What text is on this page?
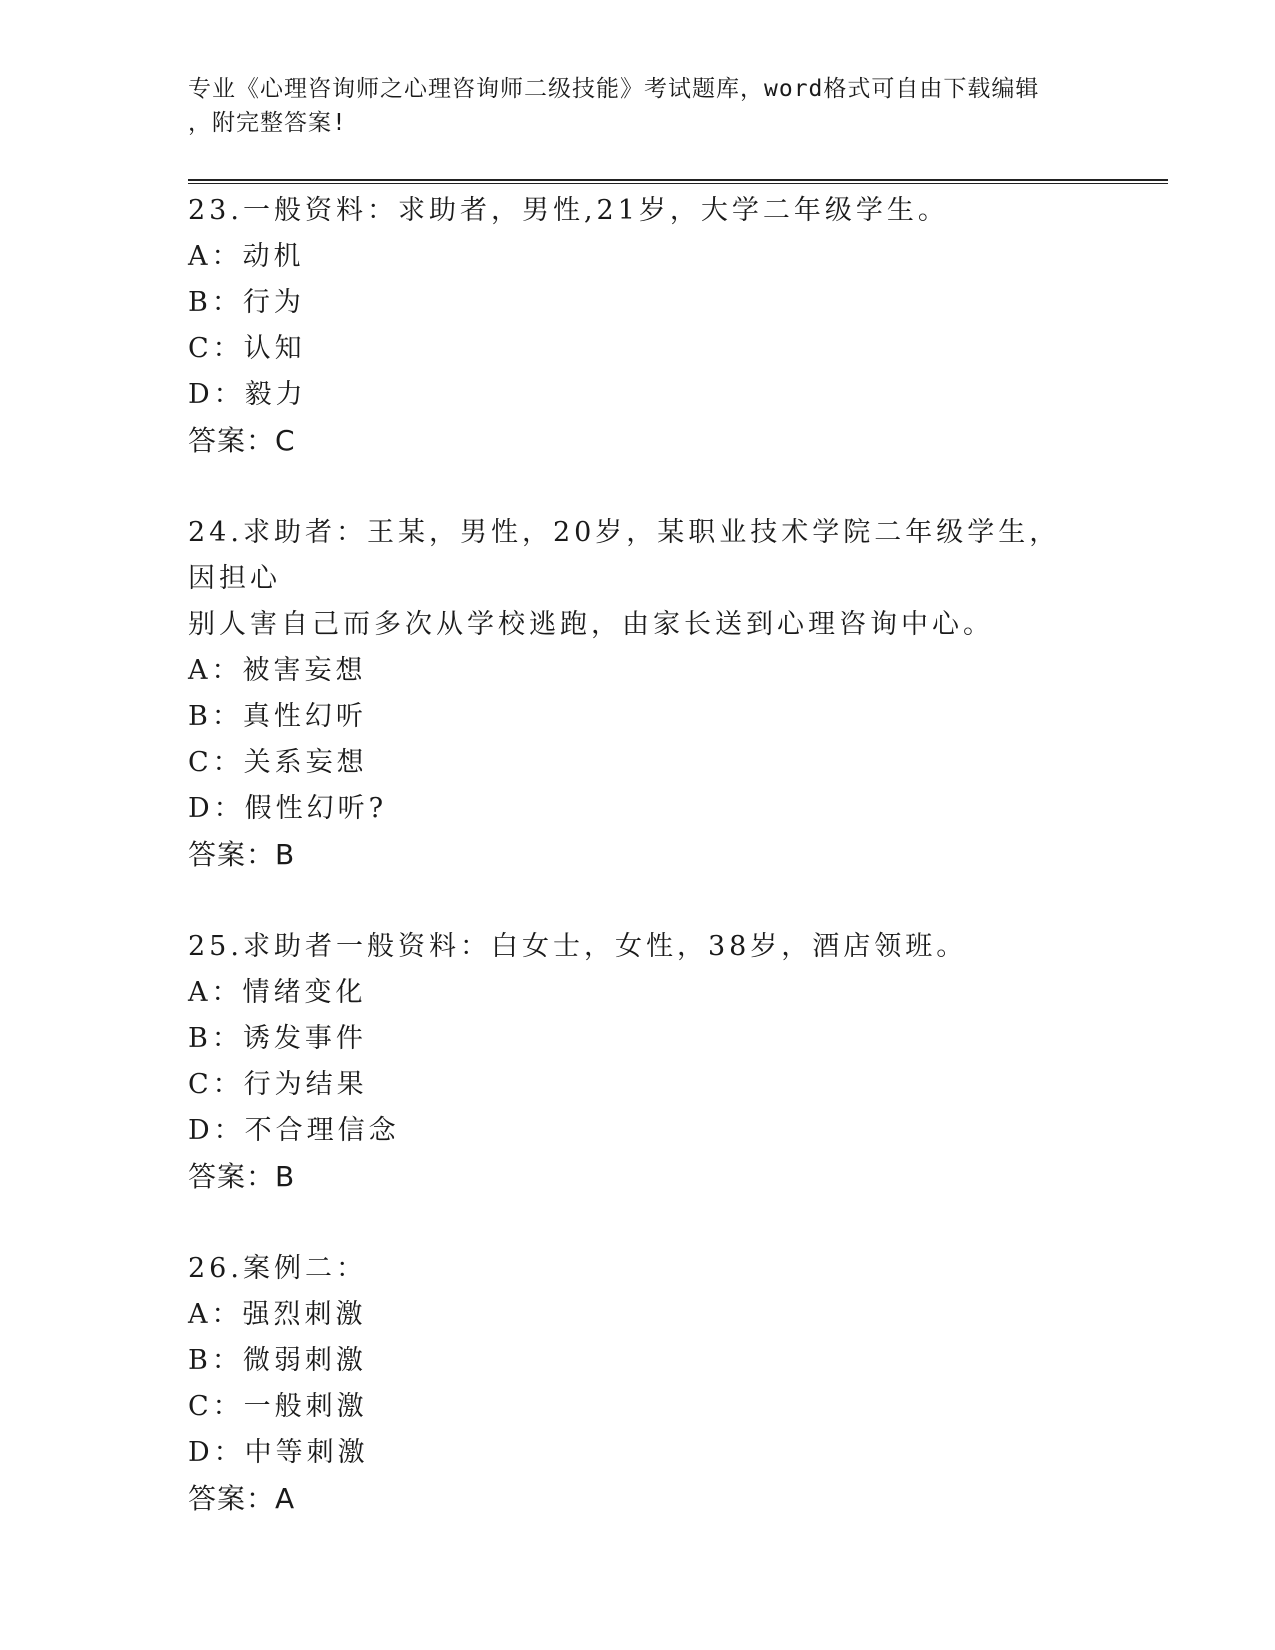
专业《心理咨询师之心理咨询师二级技能》考试题库，word格式可自由下载编辑
，附完整答案!
23.一般资料：求助者，男性,21岁，大学二年级学生。
A：动机
B：行为
C：认知
D：毅力
答案：C
24.求助者：王某，男性，20岁，某职业技术学院二年级学生，因担心
别人害自己而多次从学校逃跑，由家长送到心理咨询中心。
A：被害妄想
B：真性幻听
C：关系妄想
D：假性幻听?
答案：B
25.求助者一般资料：白女士，女性，38岁，酒店领班。
A：情绪变化
B：诱发事件
C：行为结果
D：不合理信念
答案：B
26.案例二：
A：强烈刺激
B：微弱刺激
C：一般刺激
D：中等刺激
答案：A
